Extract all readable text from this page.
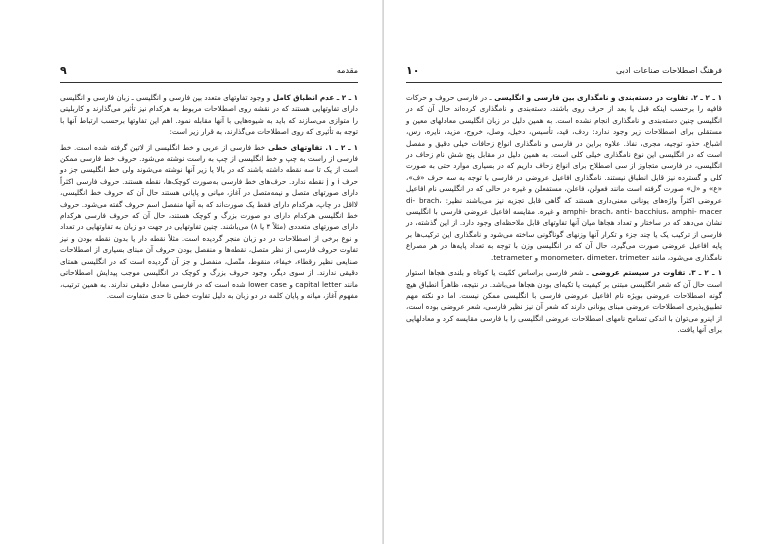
۹	مقدمه

۱ ـ ۲ ـ عدم انطباق کامل و وجود تفاوتهای متعدد بین فارسی و انگلیسی ـ زبان فارسی و انگلیسی دارای تفاوتهایی هستند که در نقشه روی اصطلاحات مربوط به هرکدام نیز تأثیر می‌گذارند و کاربلیتی را متوازی می‌سازند که باید به شیوه‌هایی با آنها مقابله نمود. اهم این تفاوتها برحسب ارتباط آنها با توجه به تأثیری که روی اصطلاحات می‌گذارند، به قرار زیر است:

۱ ـ ۲ ـ ۱. تفاوتهای خطی خط فارسی از عربی و خط انگلیسی از لاتین گرفته شده است. خط فارسی از راست به چپ و خط انگلیسی از چپ به راست نوشته می‌شود. حروف خط فارسی ممکن است از یک تا سه نقطه داشته باشند که در بالا یا زیر آنها نوشته می‌شوند ولی خط انگلیسی جز دو حرف i و j نقطه ندارد. حرف‌های خط فارسی به‌صورت کوچک‌ها، نقطه هستند. حروف فارسی اکثراً دارای صورتهای متصل و نیمه‌متصل در آغاز، میانی و پایانی هستند حال آن که حروف خط انگلیسی، لااقل در چاپ، هرکدام دارای فقط یک صورت‌اند که به آنها منفصل اسم حروف گفته می‌شود. حروف خط انگلیسی هرکدام دارای دو صورت بزرگ و کوچک هستند، حال آن که حروف فارسی هرکدام دارای صورتهای متعددی (مثلاً ۴ یا ۸) می‌باشند. چنین تفاوتهایی در جهت دو زبان به تفاوتهایی در تعداد و نوع برخی از اصطلاحات در دو زبان منجر گردیده است. مثلاً نقطه دار یا بدون نقطه بودن و نیز تفاوت حروف فارسی از نظر متصل، نقطه‌ها و منفصل بودن حروف آن مبنای بسیاری از اصطلاحات صنایعی نظیر رقطاء، خیفاء، منقوط، متّصل، منفصل و جز آن گردیده است که در انگلیسی همتای دقیقی ندارند. از سوی دیگر، وجود حروف بزرگ و کوچک در انگلیسی موجب پیدایش اصطلاحاتی مانند capital letter و lower case شده است که در فارسی معادل دقیقی ندارند. به همین ترتیب، مفهوم آغاز، میانه و پایان کلمه در دو زبان به دلیل تفاوت خطی تا حدی متفاوت است.

۱۰	فرهنگ اصطلاحات صناعات ادبی

۱ ـ ۲ ـ ۲. تفاوت در دسته‌بندی و نامگذاری بین فارسی و انگلیسی ـ در فارسی حروف و حرکات قافیه را برحسب اینکه قبل یا بعد از حرف روی باشند، دسته‌بندی و نامگذاری کرده‌اند حال آن که در انگلیسی چنین دسته‌بندی و نامگذاری انجام نشده است. به همین دلیل در زبان انگلیسی معادلهای معین و مستقلی برای اصطلاحات زیر وجود ندارد: ردف، قید، تأسیس، دخیل، وصل، خروج، مزید، نایره، رس، اشباع، حذو، توجیه، مجری، نفاذ. علاوه براین در فارسی و نامگذاری انواع زحافات خیلی دقیق و مفصل است که در انگلیسی این نوع نامگذاری خیلی کلی است. به همین دلیل در مقابل پنج شش نام زحاف در انگلیسی، در فارسی متجاوز از سی اصطلاح برای انواع زحاف داریم که در بسیاری موارد حتی به صورت کلی و گسترده نیز قابل انطباق نیستند. نامگذاری افاعیل عروضی در فارسی با توجه به سه حرف «ف»، «ع» و «ل» صورت گرفته است مانند فعولن، فاعلن، مستفعلن و غیره در حالی که در انگلیسی نام افاعیل عروضی اکثراً واژه‌های یونانی معنی‌داری هستند که گاهی قابل تجزیه نیز می‌باشند نظیر: di- brach، amphi- brach، anti- bacchius، amphi- macer و غیره. مقایسه افاعیل عروضی فارسی با انگلیسی نشان می‌دهد که در ساختار و تعداد هجاها میان آنها تفاوتهای قابل ملاحظه‌ای وجود دارد. از این گذشته، در فارسی از ترکیب یک یا چند جزء و تکرار آنها وزنهای گوناگونی ساخته می‌شود و نامگذاری این ترکیب‌ها بر پایه افاعیل عروضی صورت می‌گیرد، حال آن که در انگلیسی وزن با توجه به تعداد پایه‌ها در هر مصراع نامگذاری می‌شود، مانند monometer، dimeter، trimeter و tetrameter.

۱ ـ ۲ ـ ۳. تفاوت در سیستم عروضی ـ شعر فارسی براساس کمّیت یا کوتاه و بلندی هجاها استوار است حال آن که شعر انگلیسی مبتنی بر کیفیت یا تکیه‌ای بودن هجاها می‌باشد. در نتیجه، ظاهراً انطباق هیچ گونه اصطلاحات عروضی بویژه نام افاعیل عروضی فارسی با انگلیسی ممکن نیست. اما دو نکته مهم تطبیق‌پذیری اصطلاحات عروضی مبنای یونانی دارند که شعر آن نیز نظیر فارسی، شعر عروضی بوده است، از اینرو می‌توان با اندکی تسامح نامهای اصطلاحات عروضی انگلیسی را با فارسی مقایسه کرد و معادلهایی برای آنها یافت.
